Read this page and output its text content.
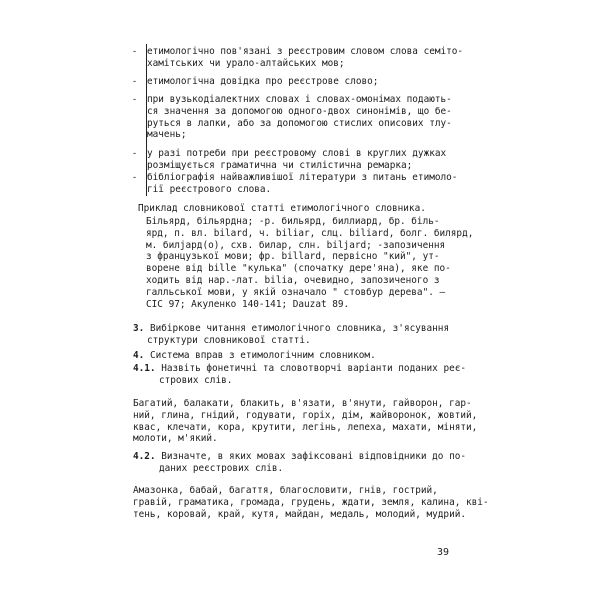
-	етимологічно пов'язані з реєстровим словом слова семіто-
хамітських чи урало-алтайських мов;
-	етимологічна довідка про реєстрове слово;
-	при вузькодіалектних словах і словах-омонімах подають-
ся значення за допомогою одного-двох синонімів, що бе-
руться в лапки, або за допомогою стислих описових тлу-
мачень;
-	у разі потреби при реєстровому слові в круглих дужках
розміщується граматична чи стилістична ремарка;
-	бібліографія найважливішої літератури з питань етимоло-
гії реєстрового слова.
Приклад словникової статті етимологічного словника.
Більярд, більярдна; -р. бильярд, биллиард, бр. біль-
ярд, п. вл. bilard, ч. biliar, слц. biliard, болг. билярд,
м. билјард(о), схв. билар, слн. biljard; -запозичення
з французької мови; фр. billard, первісно "кий", ут-
ворене від bille "кулька" (спочатку дере'яна), яке по-
ходить від нар.-лат. bilia, очевидно, запозиченого з
галльської мови, у якій означало " стовбур дерева". –
СІС 97; Акуленко 140-141; Dauzat 89.
3. Вибіркове читання етимологічного словника, з'ясування
структури словникової статті.
4. Система вправ з етимологічним словником.
4.1. Назвіть фонетичні та словотворчі варіанти поданих реє-
стрових слів.
Багатий, балакати, блакить, в'язати, в'янути, гайворон, гар-
ний, глина, гнідий, годувати, горіх, дім, жайворонок, жовтий,
квас, клечати, кора, крутити, легінь, лепеха, махати, міняти,
молоти, м'який.
4.2. Визначте, в яких мовах зафіксовані відповідники до по-
даних реєстрових слів.
Амазонка, бабай, багаття, благословити, гнів, гострий,
гравій, граматика, громада, грудень, ждати, земля, калина, кві-
тень, коровай, край, кутя, майдан, медаль, молодий, мудрий.
39
